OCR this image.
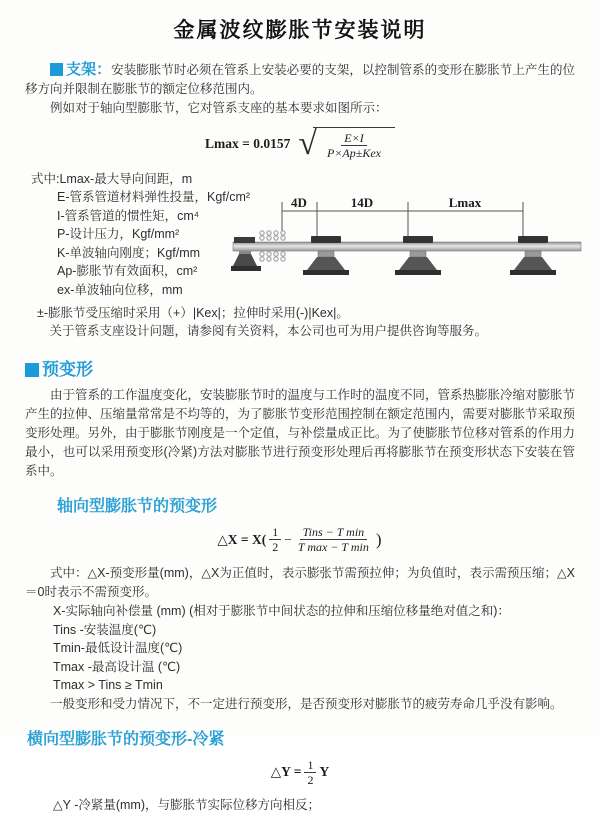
金属波纹膨胀节安装说明

支架：安装膨胀节时必须在管系上安装必要的支架，以控制管系的变形在膨胀节上产生的位移方向并限制在膨胀节的额定位移范围内。

例如对于轴向型膨胀节，它对管系支座的基本要求如图所示：

Lmax = 0.0157 √ $\frac{E\times I}{\text{P×Ap±Kex}}$

式中:Lmax-最大导向间距，m

E-管系管道材料弹性投量，Kgf/cm²

I-管系管道的惯性矩，cm⁴

P-设计压力，Kgf/mm²

K-单波轴向刚度；Kgf/mm

Ap-膨胀节有效面积，cm²

ex-单波轴向位移，mm

4D	14D	Lmax

±-膨胀节受压缩时采用（+）|Kex|；拉伸时采用(-)|Kex|。

关于管系支座设计问题，请参阅有关资料，本公司也可为用户提供咨询等服务。

预变形

由于管系的工作温度变化，安装膨胀节时的温度与工作时的温度不同，管系热膨胀冷缩对膨胀节产生的拉伸、压缩量常常是不均等的，为了膨胀节变形范围控制在额定范围内，需要对膨胀节采取预变形处理。另外，由于膨胀节刚度是一个定值，与补偿量成正比。为了使膨胀节位移对管系的作用力最小，也可以采用预变形(冷紧)方法对膨胀节进行预变形处理后再将膨胀节在预变形状态下安装在管系中。

轴向型膨胀节的预变形
△X = $X( \frac{1}{2} - \frac{\text{Tins − T min}}{\text{T max − T min}}$ )

式中：△X-预变形量(mm)，△X为正值时，表示膨张节需预拉伸；为负值时，表示需预压缩；△X＝0时表示不需预变形。

X-实际轴向补偿量 (mm) (相对于膨胀节中间状态的拉伸和压缩位移量绝对值之和)：

Tins -安装温度(℃)

Tmin-最低设计温度(℃)

Tmax -最高设计温 (℃)

Tmax > Tins ≥ Tmin

一般变形和受力情况下，不一定进行预变形，是否预变形对膨胀节的疲劳寿命几乎没有影响。

横向型膨胀节的预变形-冷紧
△Y = $\frac{1}{2}$ Y

△Y -冷紧量(mm)，与膨胀节实际位移方向相反；
